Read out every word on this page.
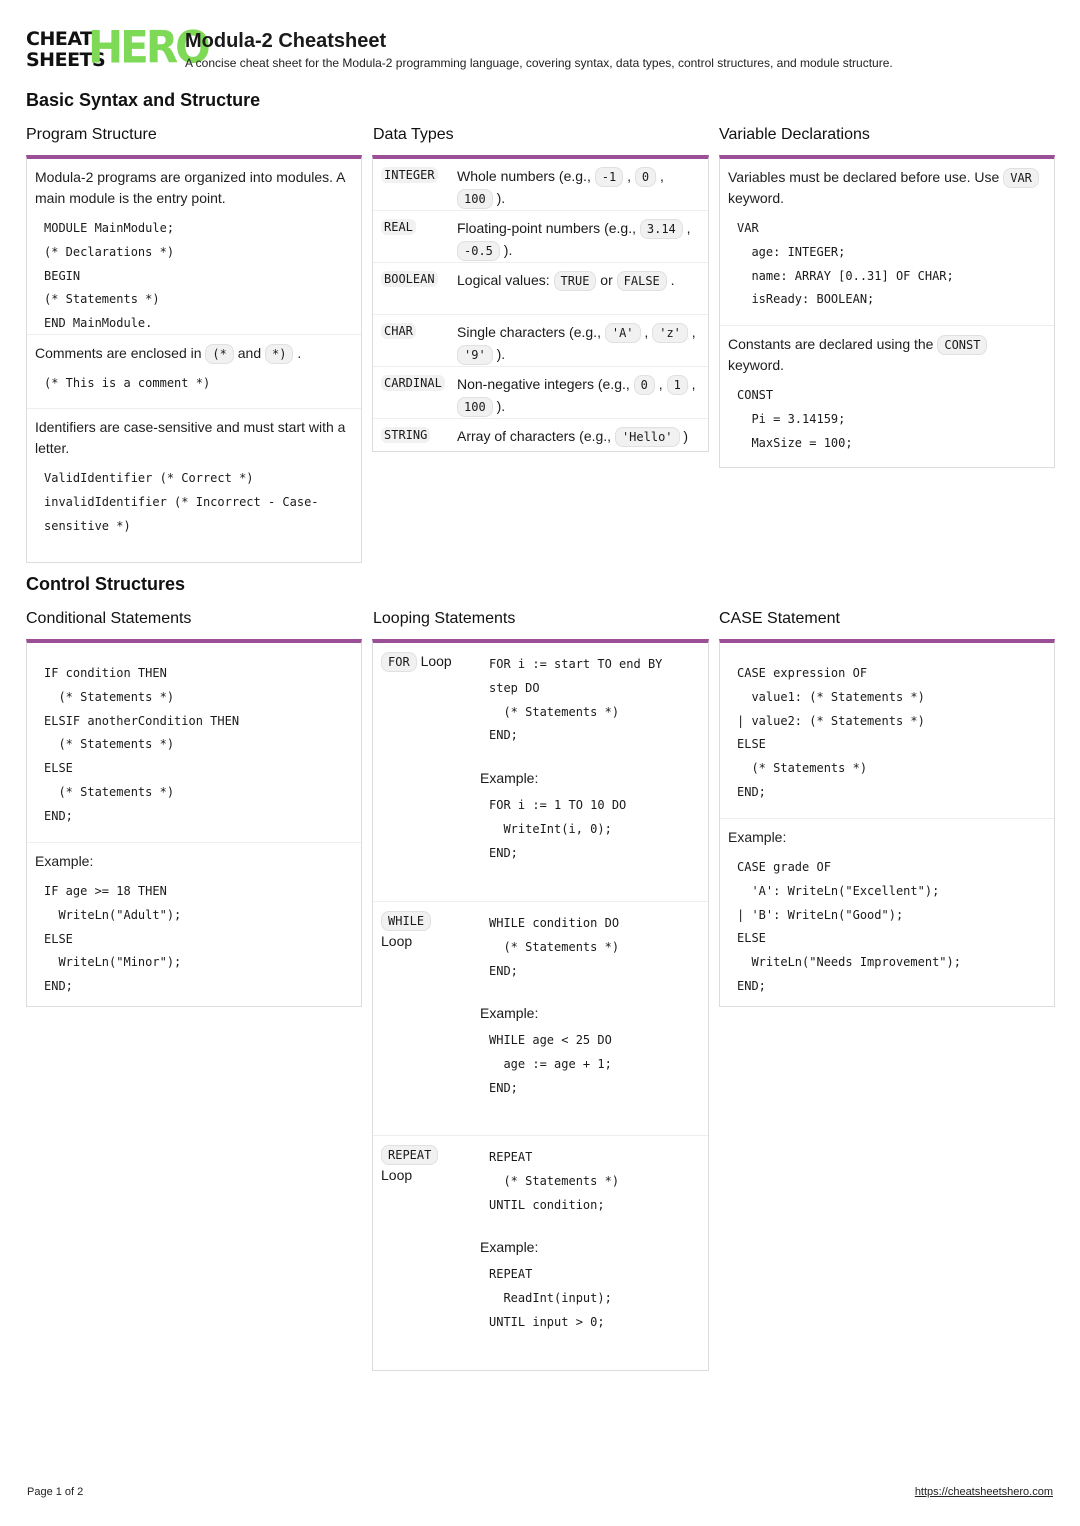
CHEAT
SHEETS
HERO
Modula-2 Cheatsheet
A concise cheat sheet for the Modula-2 programming language, covering syntax, data types, control structures, and module structure.
Basic Syntax and Structure
Program Structure	Data Types	Variable Declarations
Modula-2 programs are organized into modules. A main module is the entry point.
MODULE MainModule;
(* Declarations *)
BEGIN
(* Statements *)
END MainModule.
Comments are enclosed in (* and *) .
(* This is a comment *)
Identifiers are case-sensitive and must start with a letter.
ValidIdentifier (* Correct *)
invalidIdentifier (* Incorrect - Case-
sensitive *)
INTEGER	Whole numbers (e.g., -1 , 0 , 100 ).
REAL	Floating-point numbers (e.g., 3.14 , -0.5 ).
BOOLEAN	Logical values: TRUE or FALSE .
CHAR	Single characters (e.g., 'A' , 'z' , '9' ).
CARDINAL	Non-negative integers (e.g., 0 , 1 , 100 ).
STRING	Array of characters (e.g., 'Hello' )
Variables must be declared before use. Use VAR keyword.
VAR
age: INTEGER;
name: ARRAY [0..31] OF CHAR;
isReady: BOOLEAN;
Constants are declared using the CONST keyword.
CONST
Pi = 3.14159;
MaxSize = 100;
Control Structures
Conditional Statements	Looping Statements	CASE Statement
IF condition THEN
(* Statements *)
ELSIF anotherCondition THEN
(* Statements *)
ELSE
(* Statements *)
END;
Example:
IF age >= 18 THEN
WriteLn("Adult");
ELSE
WriteLn("Minor");
END;
FOR Loop	FOR i := start TO end BY
step DO
(* Statements *)
END;
Example:
FOR i := 1 TO 10 DO
WriteInt(i, 0);
END;
WHILE
Loop
WHILE condition DO
(* Statements *)
END;
Example:
WHILE age < 25 DO
age := age + 1;
END;
REPEAT
Loop
REPEAT
(* Statements *)
UNTIL condition;
Example:
REPEAT
ReadInt(input);
UNTIL input > 0;
CASE expression OF
value1: (* Statements *)
| value2: (* Statements *)
ELSE
(* Statements *)
END;
Example:
CASE grade OF
'A': WriteLn("Excellent");
| 'B': WriteLn("Good");
ELSE
WriteLn("Needs Improvement");
END;
Page 1 of 2	https://cheatsheetshero.com
